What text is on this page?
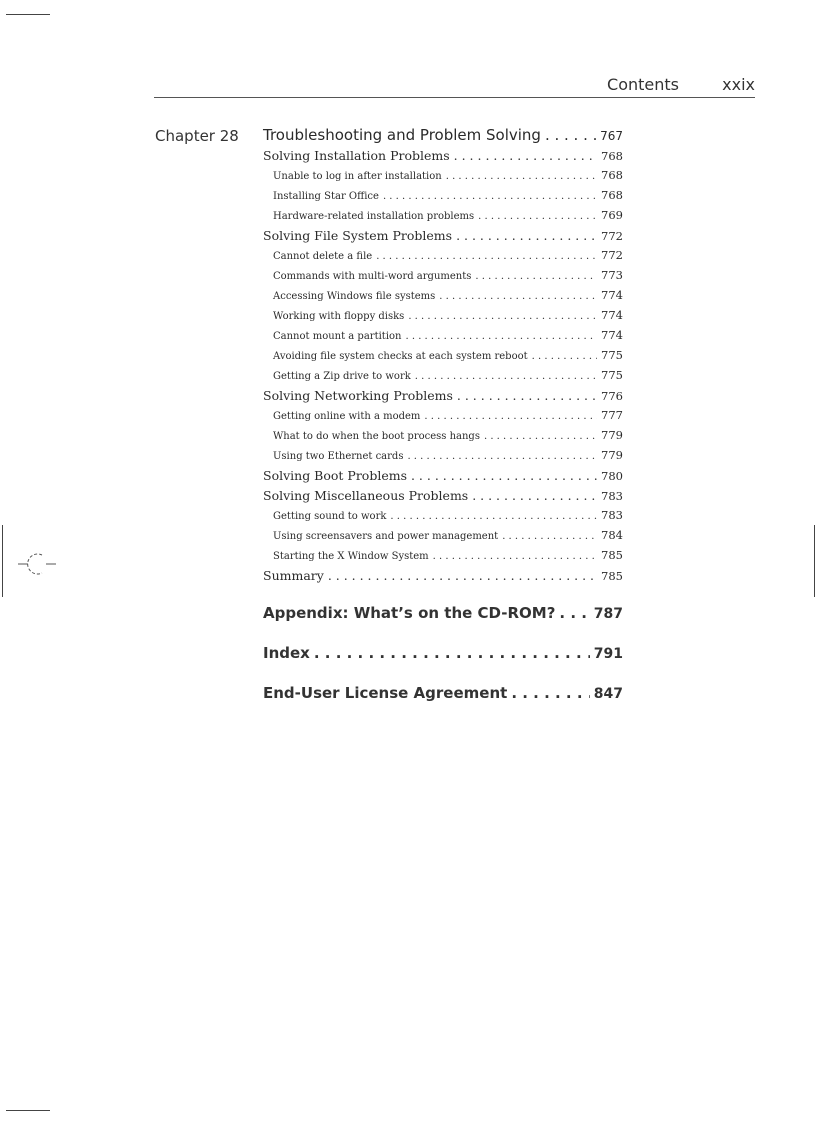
Contents	xxix
Chapter 28 Troubleshooting and Problem Solving . . .	767
Solving Installation Problems . . .	768
Unable to log in after installation . . .	768
Installing Star Office . . .	768
Hardware-related installation problems . . .	769
Solving File System Problems . . .	772
Cannot delete a file . . .	772
Commands with multi-word arguments . . .	773
Accessing Windows file systems . . .	774
Working with floppy disks . . .	774
Cannot mount a partition . . .	774
Avoiding file system checks at each system reboot . . .	775
Getting a Zip drive to work . . .	775
Solving Networking Problems . . .	776
Getting online with a modem . . .	777
What to do when the boot process hangs . . .	779
Using two Ethernet cards . . .	779
Solving Boot Problems . . .	780
Solving Miscellaneous Problems . . .	783
Getting sound to work . . .	783
Using screensavers and power management . . .	784
Starting the X Window System . . .	785
Summary . . .	785
Appendix: What’s on the CD-ROM? . . .	787
Index . . .	791
End-User License Agreement . . .	847
